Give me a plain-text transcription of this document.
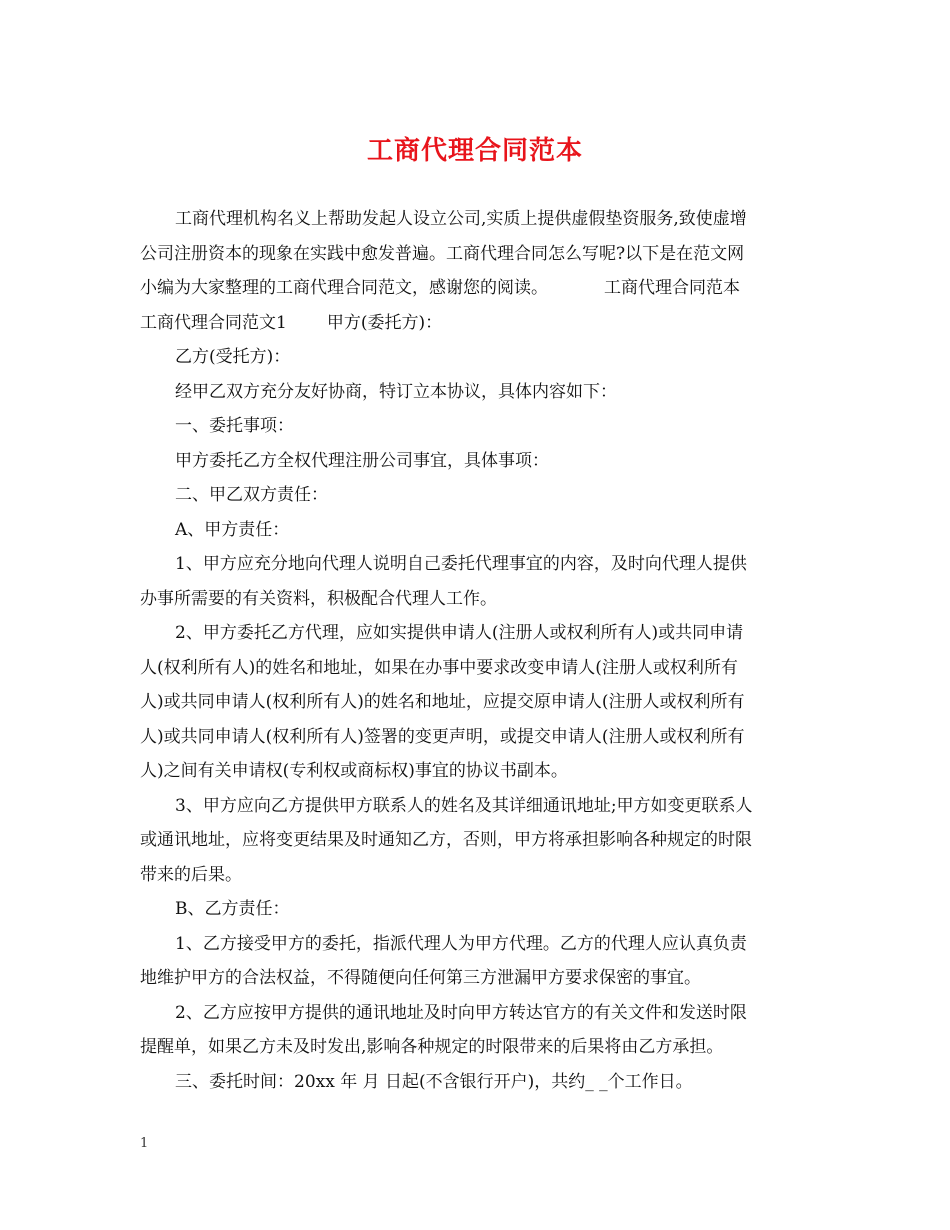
工商代理合同范本
工商代理机构名义上帮助发起人设立公司,实质上提供虚假垫资服务,致使虚增
公司注册资本的现象在实践中愈发普遍。工商代理合同怎么写呢?以下是在范文网
小编为大家整理的工商代理合同范文，感谢您的阅读。	工商代理合同范本
工商代理合同范文1 甲方(委托方)：
乙方(受托方)：
经甲乙双方充分友好协商，特订立本协议，具体内容如下：
一、委托事项：
甲方委托乙方全权代理注册公司事宜，具体事项：
二、甲乙双方责任：
A、甲方责任：
1、甲方应充分地向代理人说明自己委托代理事宜的内容，及时向代理人提供
办事所需要的有关资料，积极配合代理人工作。
2、甲方委托乙方代理，应如实提供申请人(注册人或权利所有人)或共同申请
人(权利所有人)的姓名和地址，如果在办事中要求改变申请人(注册人或权利所有
人)或共同申请人(权利所有人)的姓名和地址，应提交原申请人(注册人或权利所有
人)或共同申请人(权利所有人)签署的变更声明，或提交申请人(注册人或权利所有
人)之间有关申请权(专利权或商标权)事宜的协议书副本。
3、甲方应向乙方提供甲方联系人的姓名及其详细通讯地址;甲方如变更联系人
或通讯地址，应将变更结果及时通知乙方，否则，甲方将承担影响各种规定的时限
带来的后果。
B、乙方责任：
1、乙方接受甲方的委托，指派代理人为甲方代理。乙方的代理人应认真负责
地维护甲方的合法权益，不得随便向任何第三方泄漏甲方要求保密的事宜。
2、乙方应按甲方提供的通讯地址及时向甲方转达官方的有关文件和发送时限
提醒单，如果乙方未及时发出,影响各种规定的时限带来的后果将由乙方承担。
三、委托时间：20xx 年 月 日起(不含银行开户)，共约_ _个工作日。
1
